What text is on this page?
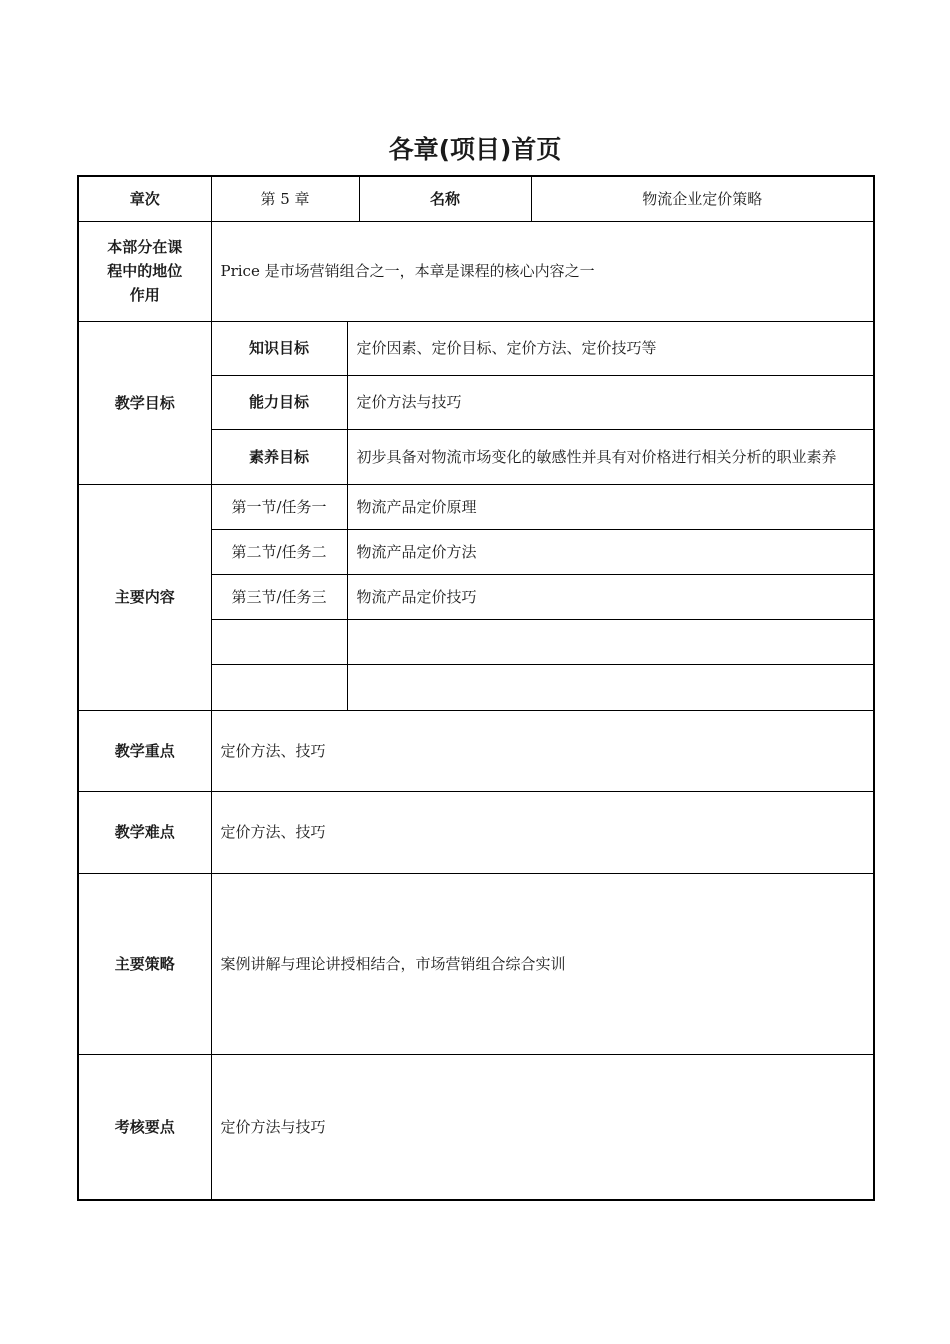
各章(项目)首页
章次	第 5 章		名称	物流企业定价策略
本部分在课程中的地位作用	Price 是市场营销组合之一，本章是课程的核心内容之一			
教学目标	知识目标	定价因素、定价目标、定价方法、定价技巧等		
	能力目标	定价方法与技巧		
	素养目标	初步具备对物流市场变化的敏感性并具有对价格进行相关分析的职业素养		
主要内容	第一节/任务一	物流产品定价原理		
	第二节/任务二	物流产品定价方法		
	第三节/任务三	物流产品定价技巧		

教学重点	定价方法、技巧			
教学难点	定价方法、技巧			
主要策略	案例讲解与理论讲授相结合，市场营销组合综合实训			
考核要点	定价方法与技巧			
